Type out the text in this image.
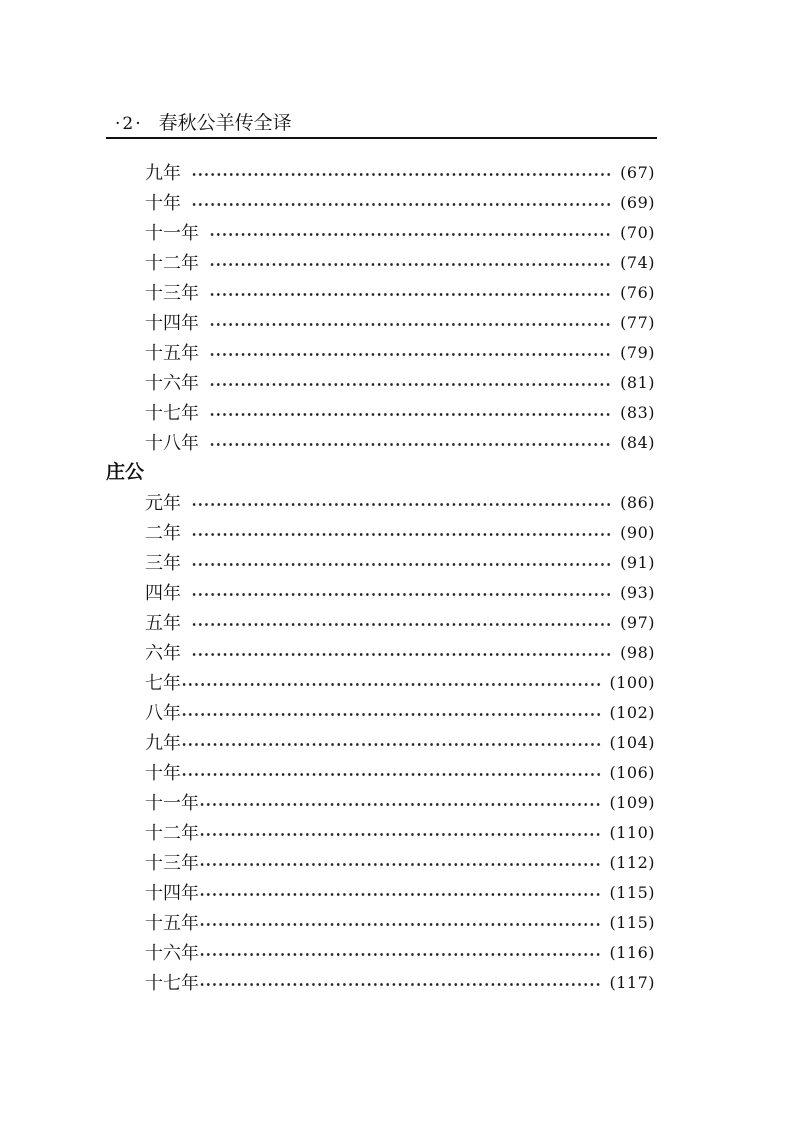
·2· 春秋公羊传全译
九年	(67)
十年	(69)
十一年	(70)
十二年	(74)
十三年	(76)
十四年	(77)
十五年	(79)
十六年	(81)
十七年	(83)
十八年	(84)
庄公
元年	(86)
二年	(90)
三年	(91)
四年	(93)
五年	(97)
六年	(98)
七年	(100)
八年	(102)
九年	(104)
十年	(106)
十一年	(109)
十二年	(110)
十三年	(112)
十四年	(115)
十五年	(115)
十六年	(116)
十七年	(117)
